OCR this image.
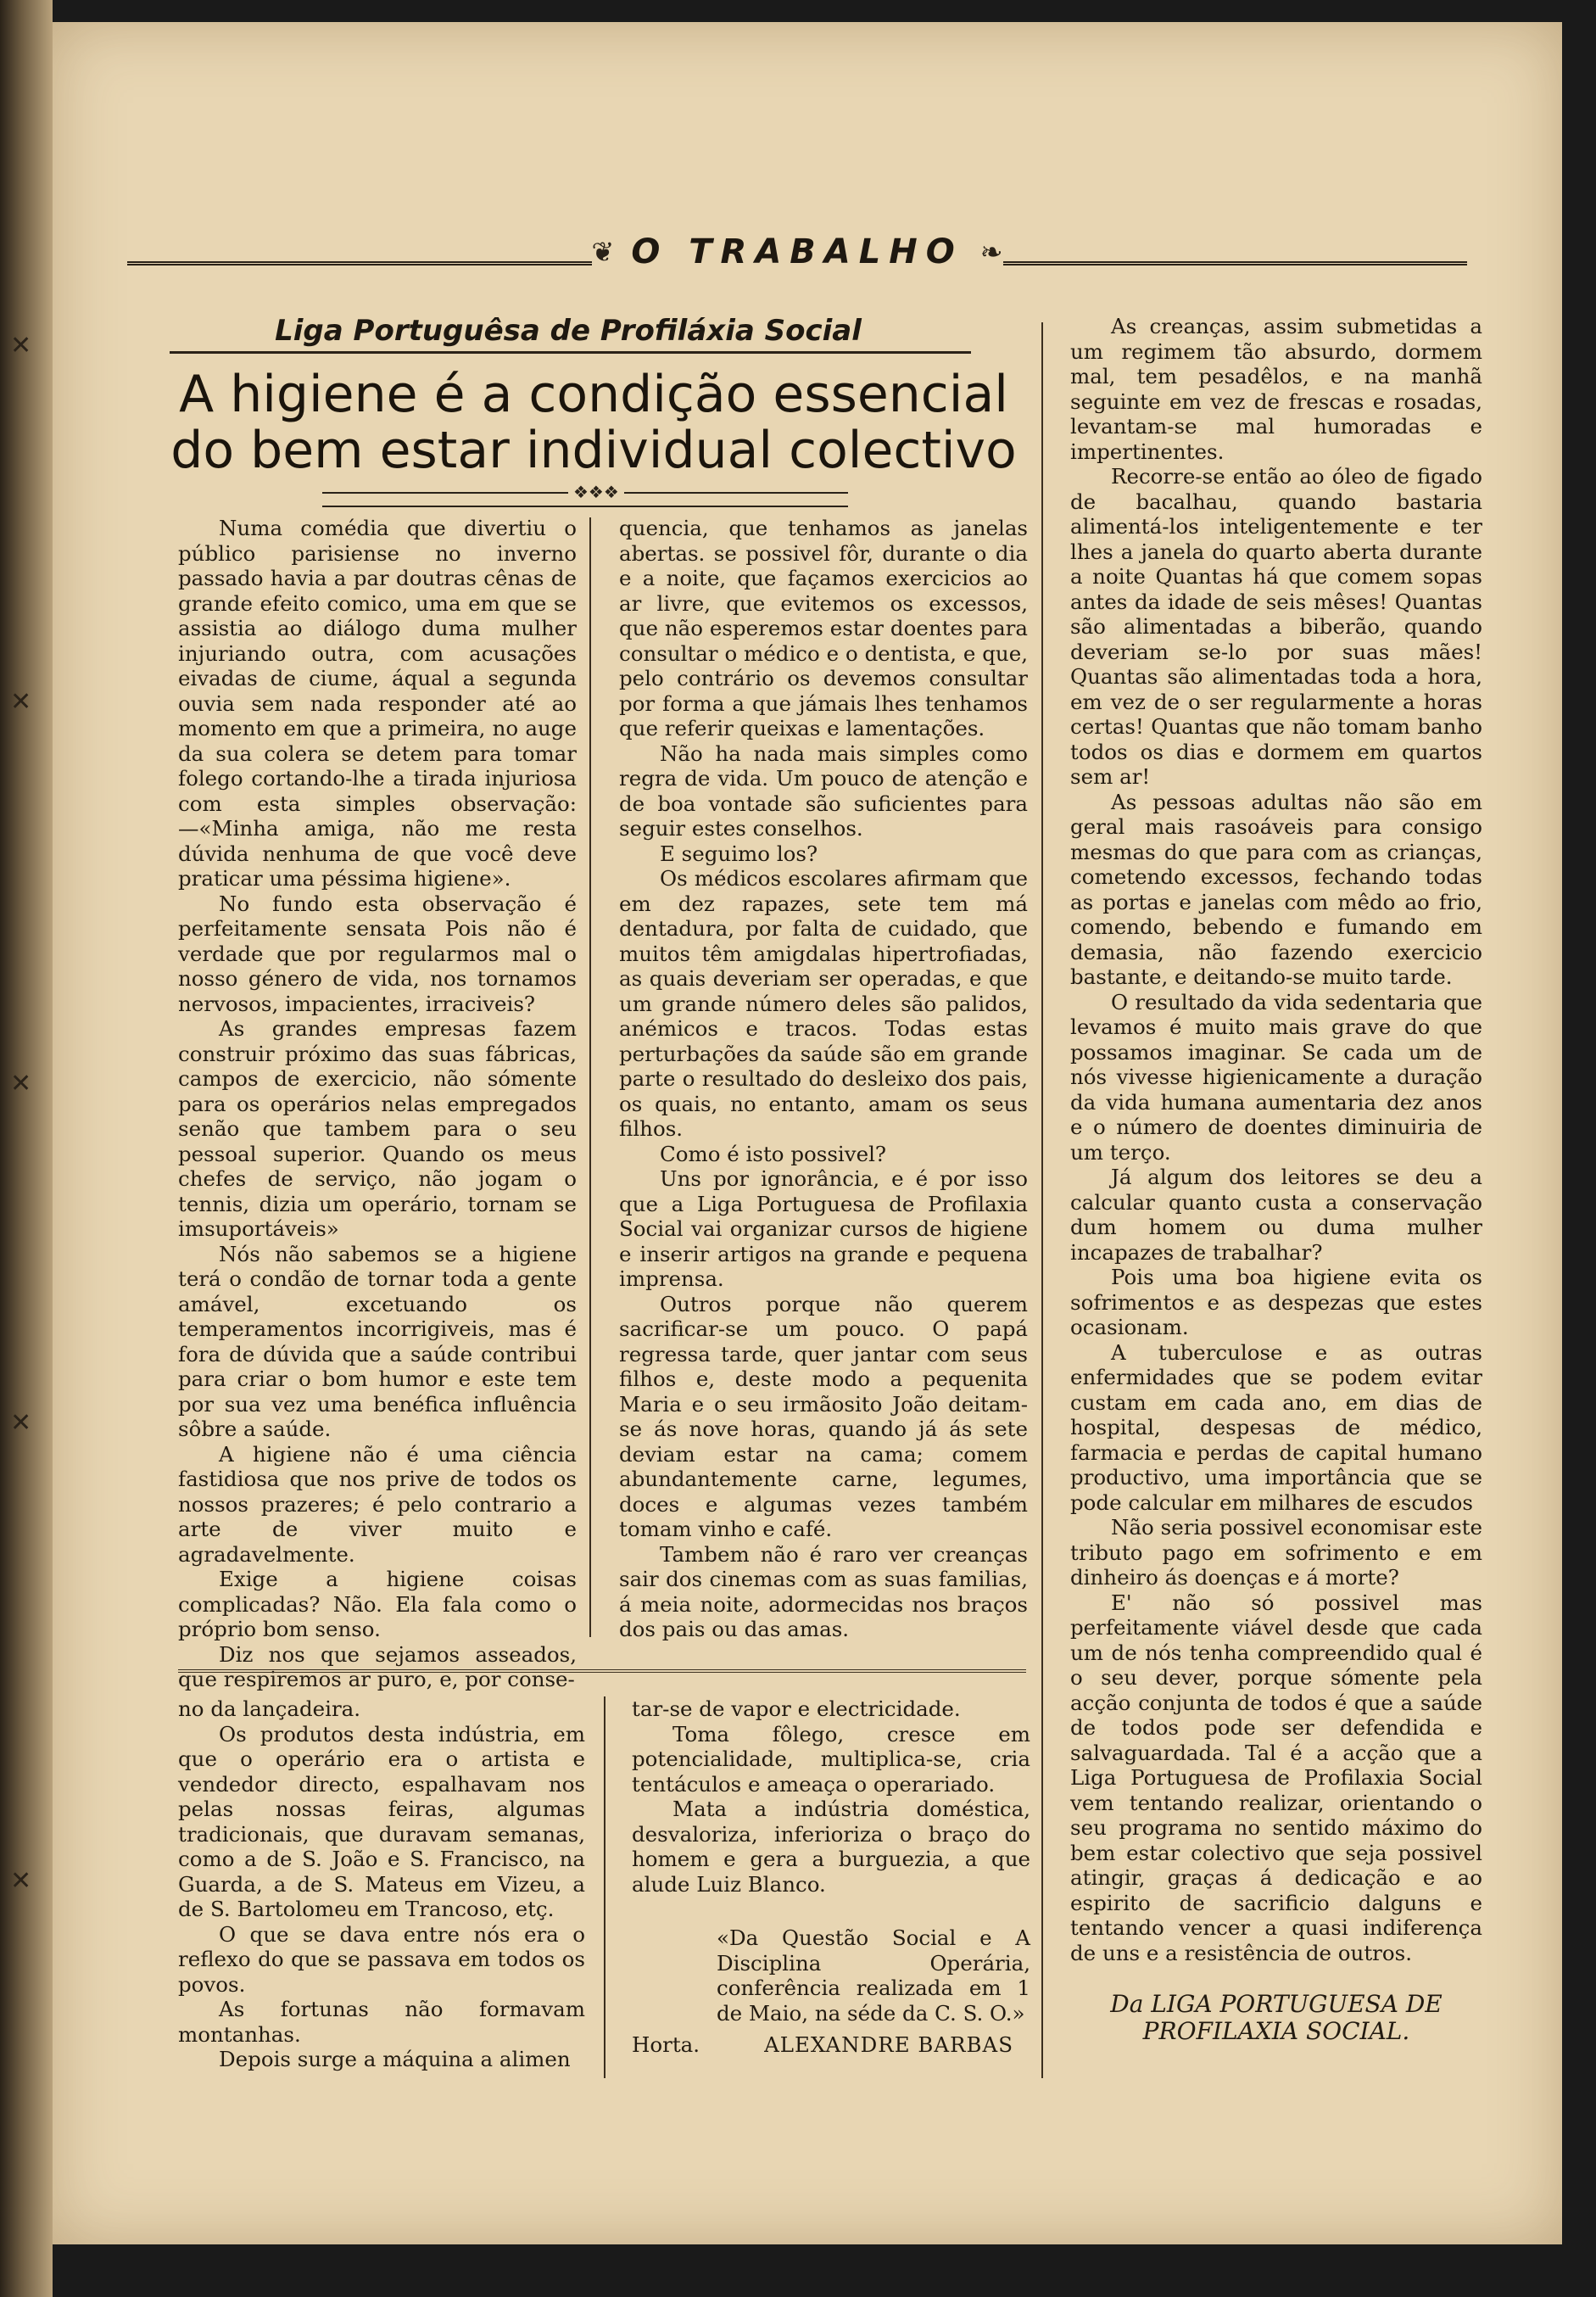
✕
✕
✕
✕
✕
❦ O TRABALHO ❧
Liga Portuguêsa de Profiláxia Social
A higiene é a condição essencial do bem estar individual colectivo
❖❖❖

Numa comédia que divertiu o público parisiense no inverno passado havia a par doutras cênas de grande efeito comico, uma em que se assistia ao diálogo duma mulher injuriando outra, com acusações eivadas de ciume, áqual a segunda ouvia sem nada responder até ao momento em que a primeira, no auge da sua colera se detem para tomar folego cortando-lhe a tirada injuriosa com esta simples observação:—«Minha amiga, não me resta dúvida nenhuma de que você deve praticar uma péssima higiene».

No fundo esta observação é perfeitamente sensata Pois não é verdade que por regularmos mal o nosso género de vida, nos tornamos nervosos, impacientes, irraciveis?

As grandes empresas fazem construir próximo das suas fábricas, campos de exercicio, não sómente para os operários nelas empregados senão que tambem para o seu pessoal superior. Quando os meus chefes de serviço, não jogam o tennis, dizia um operário, tornam se imsuportáveis»

Nós não sabemos se a higiene terá o condão de tornar toda a gente amável, excetuando os temperamentos incorrigiveis, mas é fora de dúvida que a saúde contribui para criar o bom humor e este tem por sua vez uma benéfica influência sôbre a saúde.

A higiene não é uma ciência fastidiosa que nos prive de todos os nossos prazeres; é pelo contrario a arte de viver muito e agradavelmente.

Exige a higiene coisas complicadas? Não. Ela fala como o próprio bom senso.

Diz nos que sejamos asseados, que respiremos ar puro, e, por conse-

quencia, que tenhamos as janelas abertas. se possivel fôr, durante o dia e a noite, que façamos exercicios ao ar livre, que evitemos os excessos, que não esperemos estar doentes para consultar o médico e o dentista, e que, pelo contrário os devemos consultar por forma a que jámais lhes tenhamos que referir queixas e lamentações.

Não ha nada mais simples como regra de vida. Um pouco de atenção e de boa vontade são suficientes para seguir estes conselhos.

E seguimo los?

Os médicos escolares afirmam que em dez rapazes, sete tem má dentadura, por falta de cuidado, que muitos têm amigdalas hipertrofiadas, as quais deveriam ser operadas, e que um grande número deles são palidos, anémicos e tracos. Todas estas perturbações da saúde são em grande parte o resultado do desleixo dos pais, os quais, no entanto, amam os seus filhos.

Como é isto possivel?

Uns por ignorância, e é por isso que a Liga Portuguesa de Profilaxia Social vai organizar cursos de higiene e inserir artigos na grande e pequena imprensa.

Outros porque não querem sacrificar-se um pouco. O papá regressa tarde, quer jantar com seus filhos e, deste modo a pequenita Maria e o seu irmãosito João deitam-se ás nove horas, quando já ás sete deviam estar na cama; comem abundantemente carne, legumes, doces e algumas vezes também tomam vinho e café.

Tambem não é raro ver creanças sair dos cinemas com as suas familias, á meia noite, adormecidas nos braços dos pais ou das amas.

As creanças, assim submetidas a um regimem tão absurdo, dormem mal, tem pesadêlos, e na manhã seguinte em vez de frescas e rosadas, levantam-se mal humoradas e impertinentes.

Recorre-se então ao óleo de figado de bacalhau, quando bastaria alimentá-los inteligentemente e ter lhes a janela do quarto aberta durante a noite Quantas há que comem sopas antes da idade de seis mêses! Quantas são alimentadas a biberão, quando deveriam se-lo por suas mães! Quantas são alimentadas toda a hora, em vez de o ser regularmente a horas certas! Quantas que não tomam banho todos os dias e dormem em quartos sem ar!

As pessoas adultas não são em geral mais rasoáveis para consigo mesmas do que para com as crianças, cometendo excessos, fechando todas as portas e janelas com mêdo ao frio, comendo, bebendo e fumando em demasia, não fazendo exercicio bastante, e deitando-se muito tarde.

O resultado da vida sedentaria que levamos é muito mais grave do que possamos imaginar. Se cada um de nós vivesse higienicamente a duração da vida humana aumentaria dez anos e o número de doentes diminuiria de um terço.

Já algum dos leitores se deu a calcular quanto custa a conservação dum homem ou duma mulher incapazes de trabalhar?

Pois uma boa higiene evita os sofrimentos e as despezas que estes ocasionam.

A tuberculose e as outras enfermidades que se podem evitar custam em cada ano, em dias de hospital, despesas de médico, farmacia e perdas de capital humano productivo, uma importância que se pode calcular em milhares de escudos

Não seria possivel economisar este tributo pago em sofrimento e em dinheiro ás doenças e á morte?

E' não só possivel mas perfeitamente viável desde que cada um de nós tenha compreendido qual é o seu dever, porque sómente pela acção conjunta de todos é que a saúde de todos pode ser defendida e salvaguardada. Tal é a acção que a Liga Portuguesa de Profilaxia Social vem tentando realizar, orientando o seu programa no sentido máximo do bem estar colectivo que seja possivel atingir, graças á dedicação e ao espirito de sacrificio dalguns e tentando vencer a quasi indiferença de uns e a resistência de outros.

Da LIGA PORTUGUESA DE PROFILAXIA SOCIAL.

no da lançadeira.

Os produtos desta indústria, em que o operário era o artista e vendedor directo, espalhavam nos pelas nossas feiras, algumas tradicionais, que duravam semanas, como a de S. João e S. Francisco, na Guarda, a de S. Mateus em Vizeu, a de S. Bartolomeu em Trancoso, etç.

O que se dava entre nós era o reflexo do que se passava em todos os povos.

As fortunas não formavam montanhas.

Depois surge a máquina a alimen

tar-se de vapor e electricidade.

Toma fôlego, cresce em potencialidade, multiplica-se, cria tentáculos e ameaça o operariado.

Mata a indústria doméstica, desvaloriza, inferioriza o braço do homem e gera a burguezia, a que alude Luiz Blanco.

«Da Questão Social e A Disciplina Operária, conferência realizada em 1 de Maio, na séde da C. S. O.»

Horta.	ALEXANDRE BARBAS
